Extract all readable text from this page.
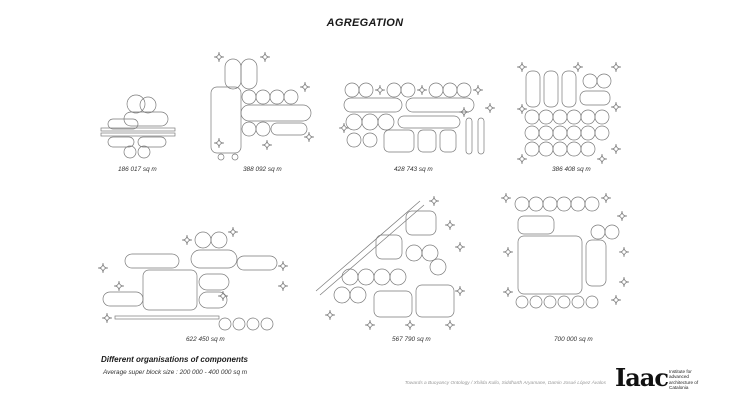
AGREGATION
186 017 sq m	388 092 sq m	428 743 sq m	386 408 sq m
622 450 sq m	567 790 sq m	700 000 sq m
Different organisations of components
Average super block size : 200 000 - 400 000 sq m
Towards a Buoyancy Ontology / Xhilda Kullo, Siddharth Aryamane, Damin Josué López Ávalos Iaac Institute for advanced architecture of Catalonia
